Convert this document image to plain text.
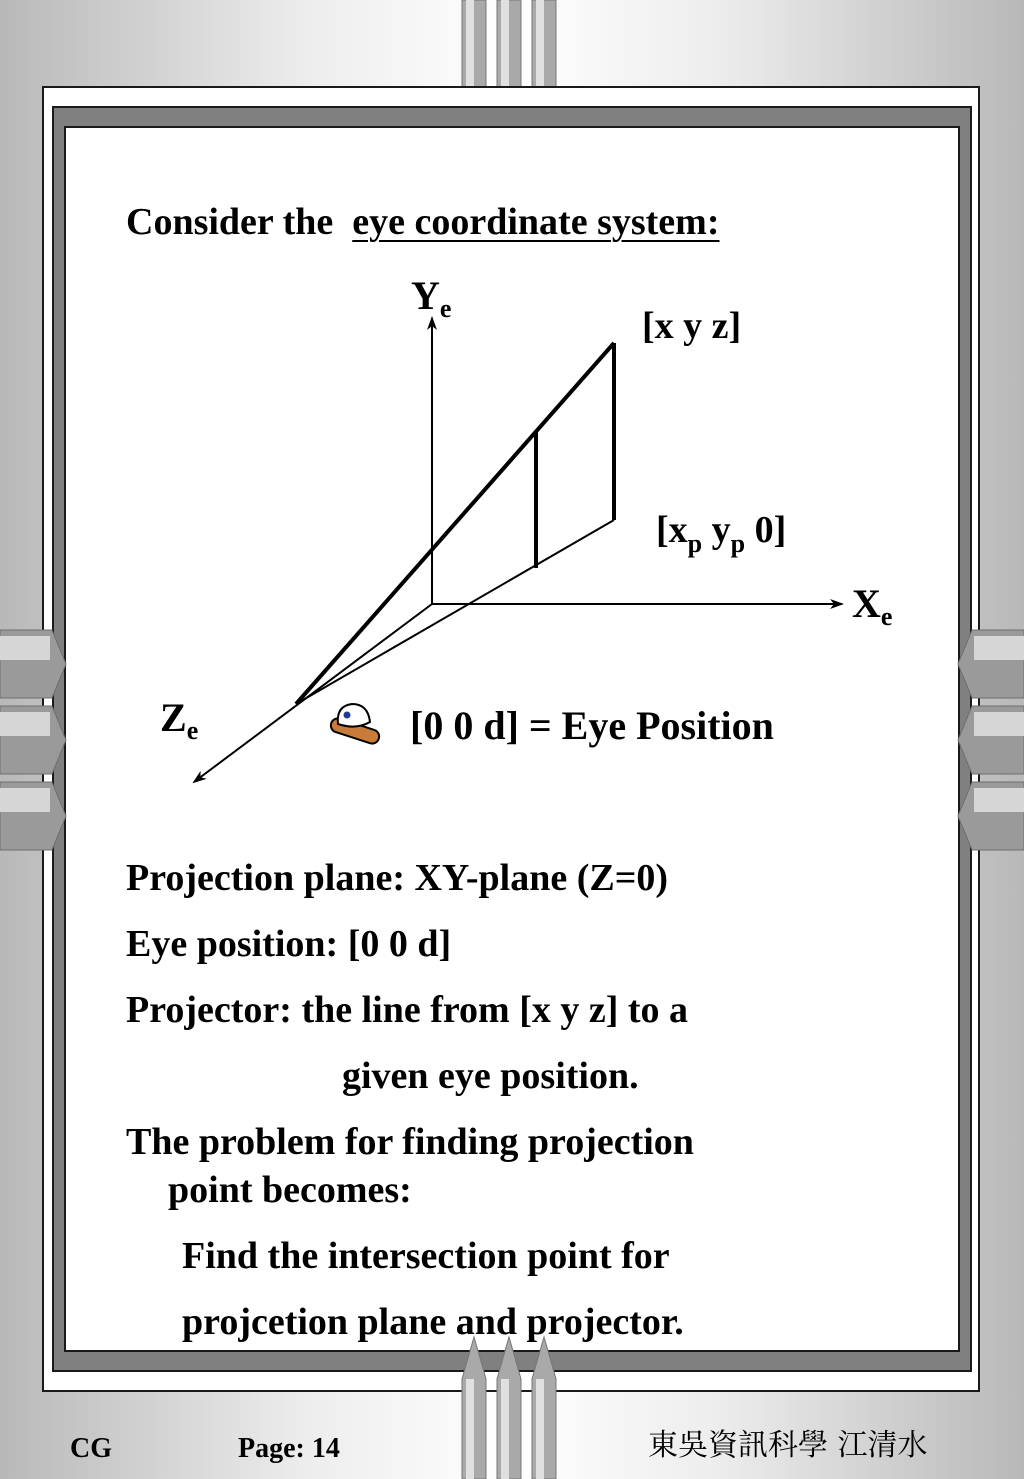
Consider the eye coordinate system:
$Y_e$
$X_e$
$Z_e$
[x y z]
[$x_p$ $y_p$ 0]
[0 0 d] = Eye Position
Projection plane: XY-plane (Z=0)
Eye position: [0 0 d]
Projector: the line from [x y z] to a
given eye position.
The problem for finding projection
point becomes:
Find the intersection point for
projcetion plane and projector.
CG	Page: 14	東吳資訊科學 江清水
